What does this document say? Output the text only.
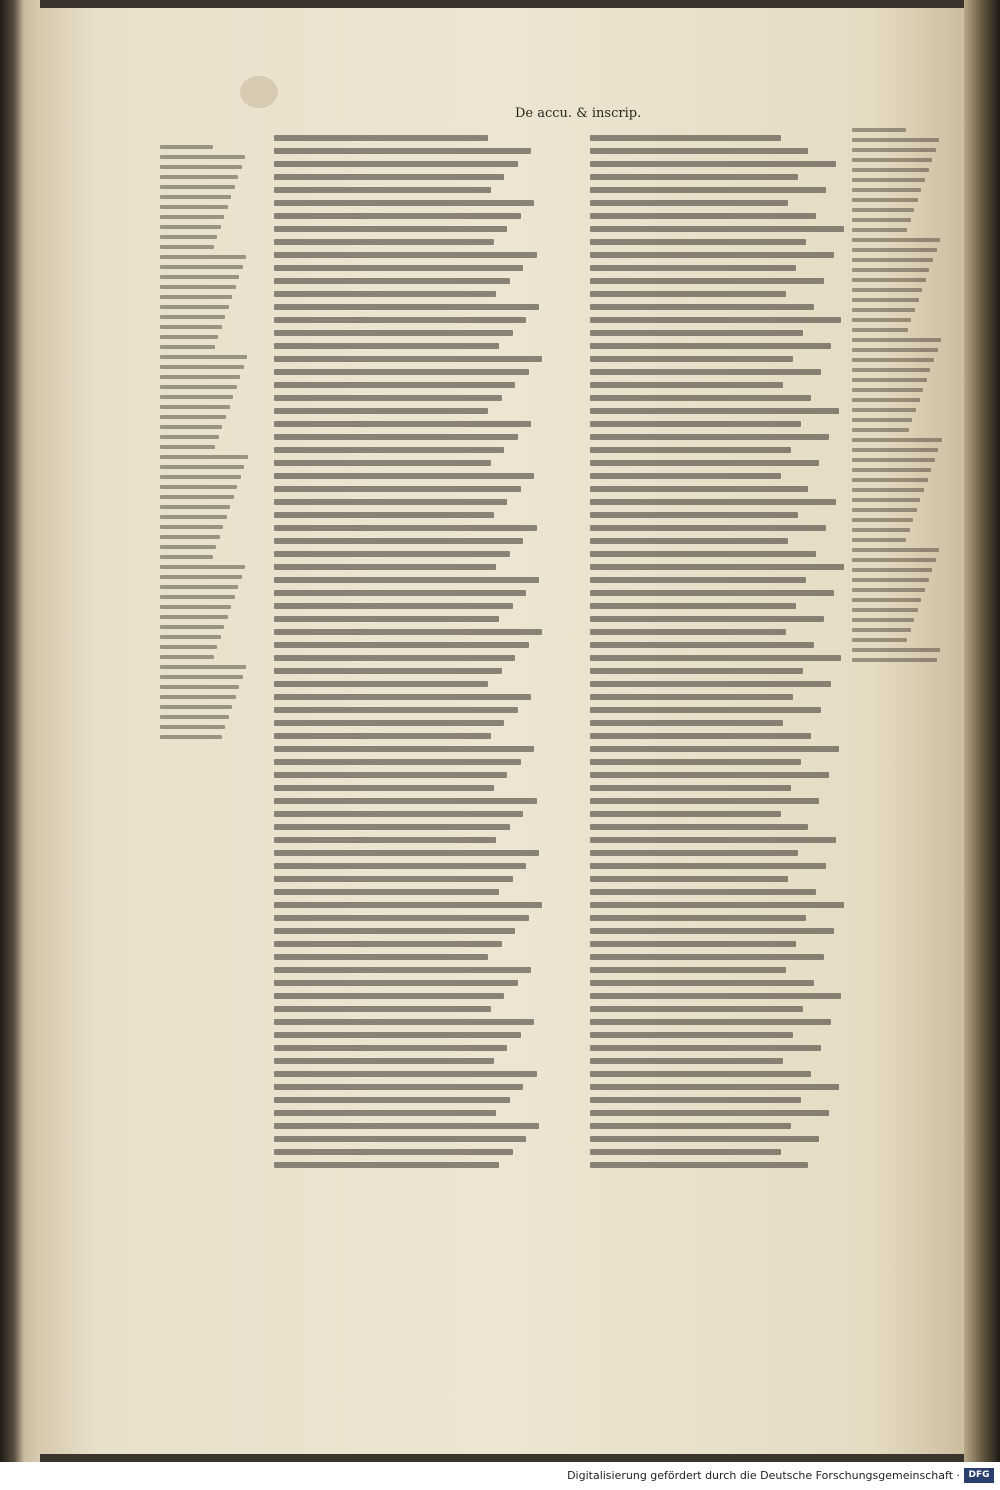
De accu. & inscrip.
Digitalisierung gefördert durch die Deutsche Forschungsgemeinschaft · DFG
